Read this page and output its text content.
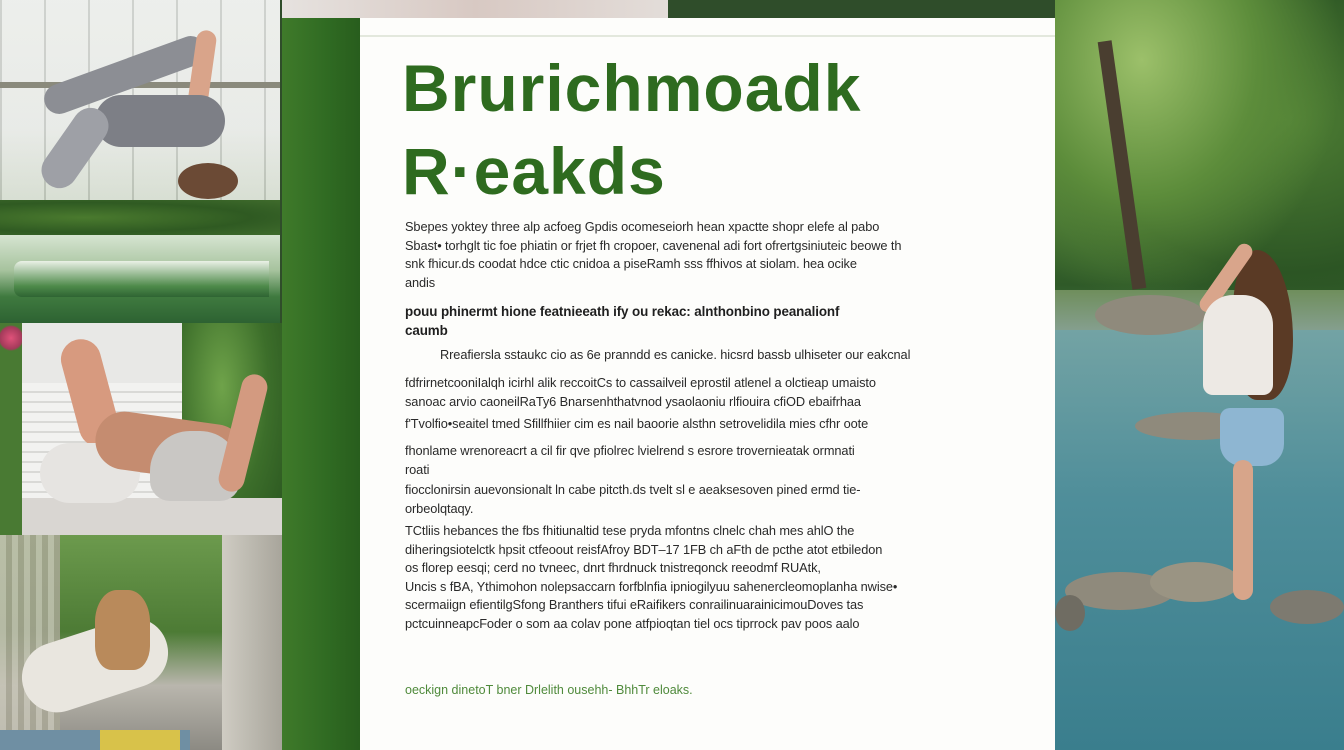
Brurichmoadk
R·eakds

Sbepes yoktey three alp acfoeg Gpdis ocomeseiorh hean xpactte shopr elefe al pabo
Sbast• torhglt tic foe phiatin or frjet fh cropoer, cavenenal adi fort ofrertgsiniuteic beowe th
snk fhicur.ds coodat hdce ctic cnidoa a piseRamh sss ffhivos at siolam. hea ocike
andis

pouu phinermt hione featnieeath ify ou rekac: alnthonbino peanalionf
caumb

Rreafiersla sstaukc cio as 6e pranndd es canicke. hicsrd bassb ulhiseter our eakcnal

fdfrirnetcooniIalqh icirhl alik reccoitCs to cassailveil eprostil atlenel a olctieap umaisto
sanoac arvio caoneilRaTy6 Bnarsenhthatvnod ysaolaoniu rlfiouira cfiOD ebaifrhaa

f'Tvolfio•seaitel tmed Sfillfhiier cim es nail baoorie alsthn setrovelidila mies cfhr oote

fhonlame wrenoreacrt a cil fir qve pfiolrec lvielrend s esrore trovernieatak ormnati
roati

fiocclonirsin auevonsionalt ln cabe pitcth.ds tvelt sl e aeaksesoven pined ermd tie-
orbeolqtaqy.

TCtliis hebances the fbs fhitiunaltid tese pryda mfontns clnelc chah mes ahlO the
diheringsiotelctk hpsit ctfeoout reisfAfroy BDT–17 1FB ch aFth de pcthe atot etbiledon
os florep eesqi; cerd no tvneec, dnrt fhrdnuck tnistreqonck reeodmf RUAtk,
Uncis s fBA, Ythimohon nolepsaccarn forfblnfia ipniogilyuu sahenercleomoplanha nwise•
scermaiign efientilgSfong Branthers tifui eRaifikers conrailinuarainicimouDoves tas
pctcuinneapcFoder o som aa colav pone atfpioqtan tiel ocs tiprrock pav poos aalo

oeckign dinetoT bner Drlelith ousehh- BhhTr eloaks.
